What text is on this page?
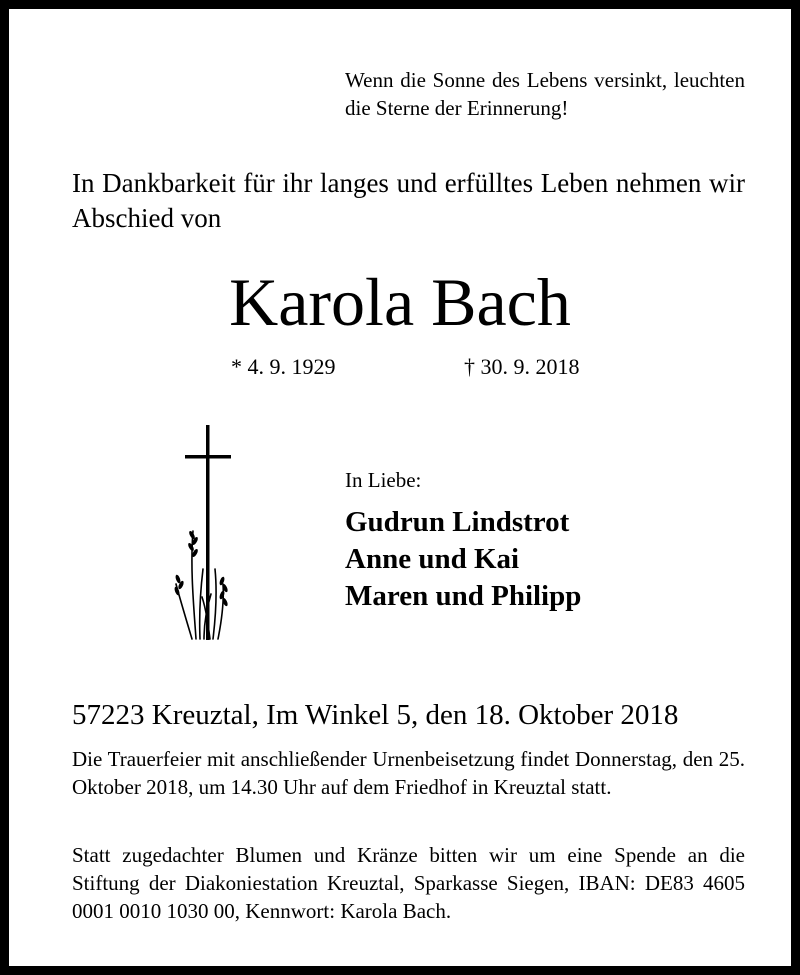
Wenn die Sonne des Lebens versinkt, leuchten die Sterne der Erinnerung!

In Dankbarkeit für ihr langes und erfülltes Leben nehmen wir Abschied von

Karola Bach
* 4. 9. 1929	† 30. 9. 2018
In Liebe:
Gudrun Lindstrot
Anne und Kai
Maren und Philipp
57223 Kreuztal, Im Winkel 5, den 18. Oktober 2018

Die Trauerfeier mit anschließender Urnenbeisetzung findet Donnerstag, den 25. Oktober 2018, um 14.30 Uhr auf dem Friedhof in Kreuztal statt.

Statt zugedachter Blumen und Kränze bitten wir um eine Spende an die Stiftung der Diakoniestation Kreuztal, Sparkasse Siegen, IBAN: DE83 4605 0001 0010 1030 00, Kennwort: Karola Bach.
